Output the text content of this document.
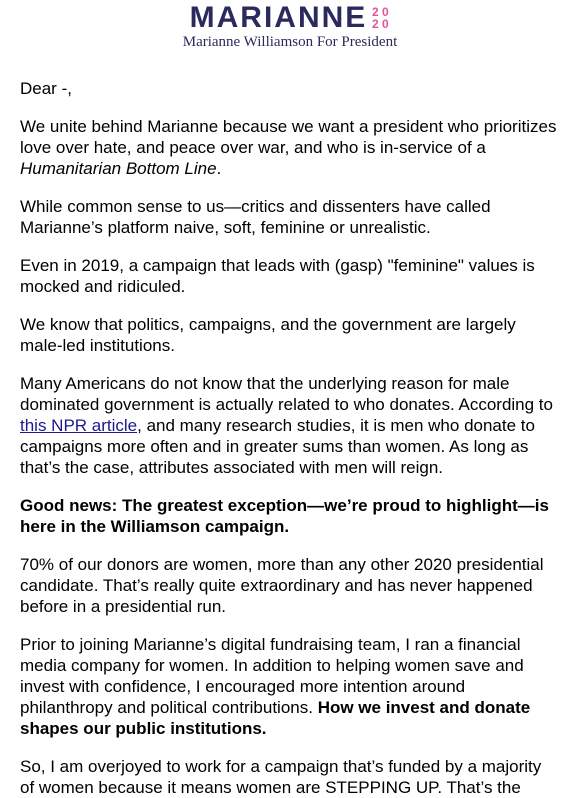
MARIANNE 2 0
2 0
Marianne Williamson For President

Dear -,

We unite behind Marianne because we want a president who prioritizes love over hate, and peace over war, and who is in-service of a Humanitarian Bottom Line.

While common sense to us—critics and dissenters have called Marianne’s platform naive, soft, feminine or unrealistic.

Even in 2019, a campaign that leads with (gasp) "feminine" values is mocked and ridiculed.

We know that politics, campaigns, and the government are largely male-led institutions.

Many Americans do not know that the underlying reason for male dominated government is actually related to who donates. According to this NPR article, and many research studies, it is men who donate to campaigns more often and in greater sums than women. As long as that’s the case, attributes associated with men will reign.

Good news: The greatest exception—we’re proud to highlight—is here in the Williamson campaign.

70% of our donors are women, more than any other 2020 presidential candidate. That’s really quite extraordinary and has never happened before in a presidential run.

Prior to joining Marianne’s digital fundraising team, I ran a financial media company for women. In addition to helping women save and invest with confidence, I encouraged more intention around philanthropy and political contributions. How we invest and donate shapes our public institutions.

So, I am overjoyed to work for a campaign that’s funded by a majority of women because it means women are STEPPING UP. That’s the
